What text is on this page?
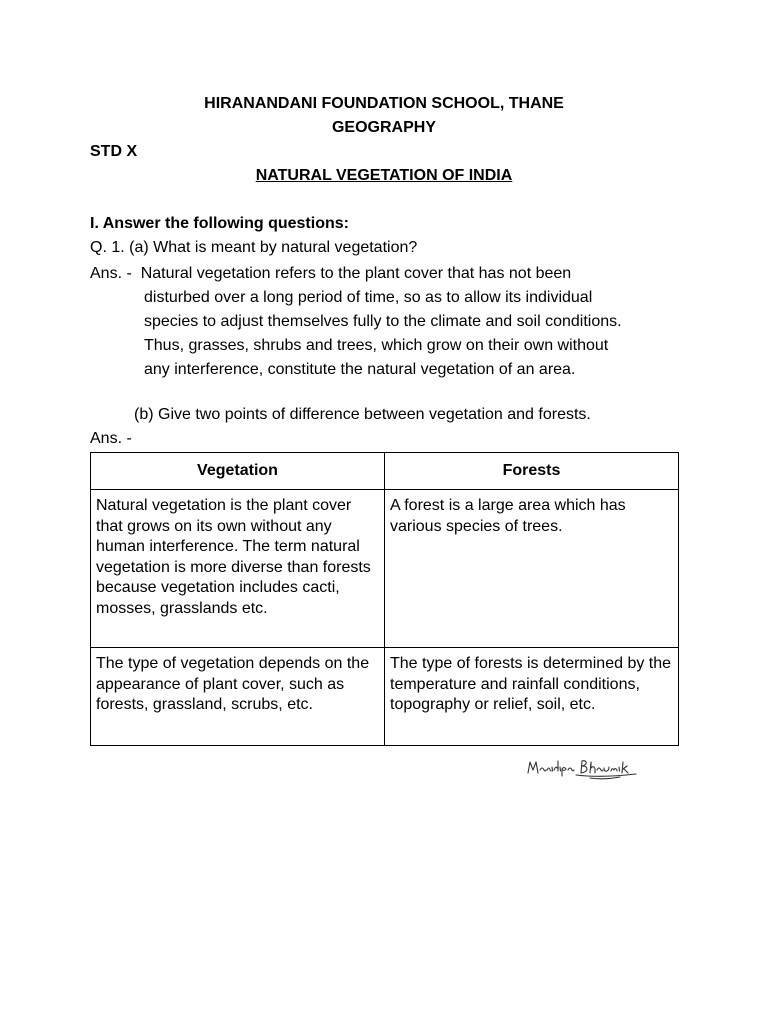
HIRANANDANI FOUNDATION SCHOOL, THANE
GEOGRAPHY
STD X
NATURAL VEGETATION OF INDIA
I. Answer the following questions:
Q. 1. (a) What is meant by natural vegetation?
Ans. -  Natural vegetation refers to the plant cover that has not been
disturbed over a long period of time, so as to allow its individual
species to adjust themselves fully to the climate and soil conditions.
Thus, grasses, shrubs and trees, which grow on their own without
any interference, constitute the natural vegetation of an area.
(b) Give two points of difference between vegetation and forests.
Ans. -
Vegetation	Forests
Natural vegetation is the plant cover that grows on its own without any human interference. The term natural vegetation is more diverse than forests because vegetation includes cacti, mosses, grasslands etc.	A forest is a large area which has various species of trees.
The type of vegetation depends on the appearance of plant cover, such as forests, grassland, scrubs, etc.	The type of forests is determined by the temperature and rainfall conditions, topography or relief, soil, etc.
